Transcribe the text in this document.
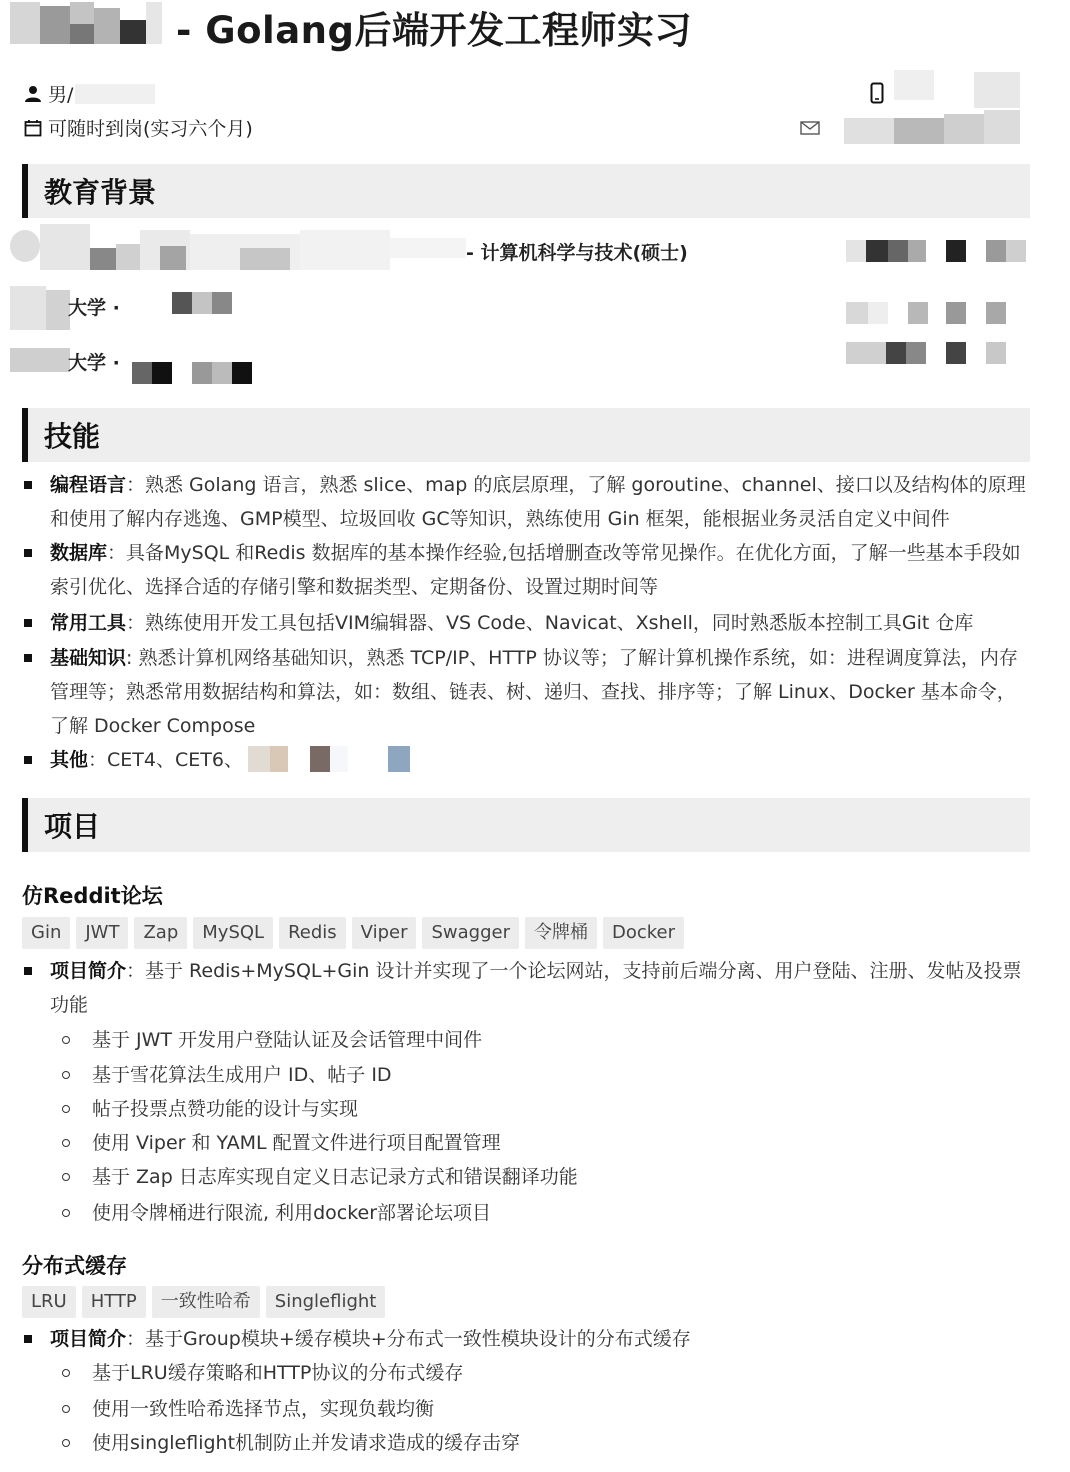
- Golang后端开发工程师实习
男/
可随时到岗(实习六个月)
教育背景
- 计算机科学与技术(硕士)
大学 ·
大学 ·
技能
编程语言：熟悉 Golang 语言，熟悉 slice、map 的底层原理，了解 goroutine、channel、接口以及结构体的原理和使用了解内存逃逸、GMP模型、垃圾回收 GC等知识，熟练使用 Gin 框架，能根据业务灵活自定义中间件
数据库：具备MySQL 和Redis 数据库的基本操作经验,包括增删查改等常见操作。在优化方面，了解一些基本手段如索引优化、选择合适的存储引擎和数据类型、定期备份、设置过期时间等
常用工具：熟练使用开发工具包括VIM编辑器、VS Code、Navicat、Xshell，同时熟悉版本控制工具Git 仓库
基础知识: 熟悉计算机网络基础知识，熟悉 TCP/IP、HTTP 协议等；了解计算机操作系统，如：进程调度算法，内存管理等；熟悉常用数据结构和算法，如：数组、链表、树、递归、查找、排序等；了解 Linux、Docker 基本命令，了解 Docker Compose
其他：CET4、CET6、
项目
仿Reddit论坛
Gin	JWT	Zap	MySQL	Redis	Viper	Swagger	令牌桶	Docker
项目简介：基于 Redis+MySQL+Gin 设计并实现了一个论坛网站，支持前后端分离、用户登陆、注册、发帖及投票功能
基于 JWT 开发用户登陆认证及会话管理中间件
基于雪花算法生成用户 ID、帖子 ID
帖子投票点赞功能的设计与实现
使用 Viper 和 YAML 配置文件进行项目配置管理
基于 Zap 日志库实现自定义日志记录方式和错误翻译功能
使用令牌桶进行限流, 利用docker部署论坛项目
分布式缓存
LRU	HTTP	一致性哈希	Singleflight
项目简介：基于Group模块+缓存模块+分布式一致性模块设计的分布式缓存
基于LRU缓存策略和HTTP协议的分布式缓存
使用一致性哈希选择节点，实现负载均衡
使用singleflight机制防止并发请求造成的缓存击穿
